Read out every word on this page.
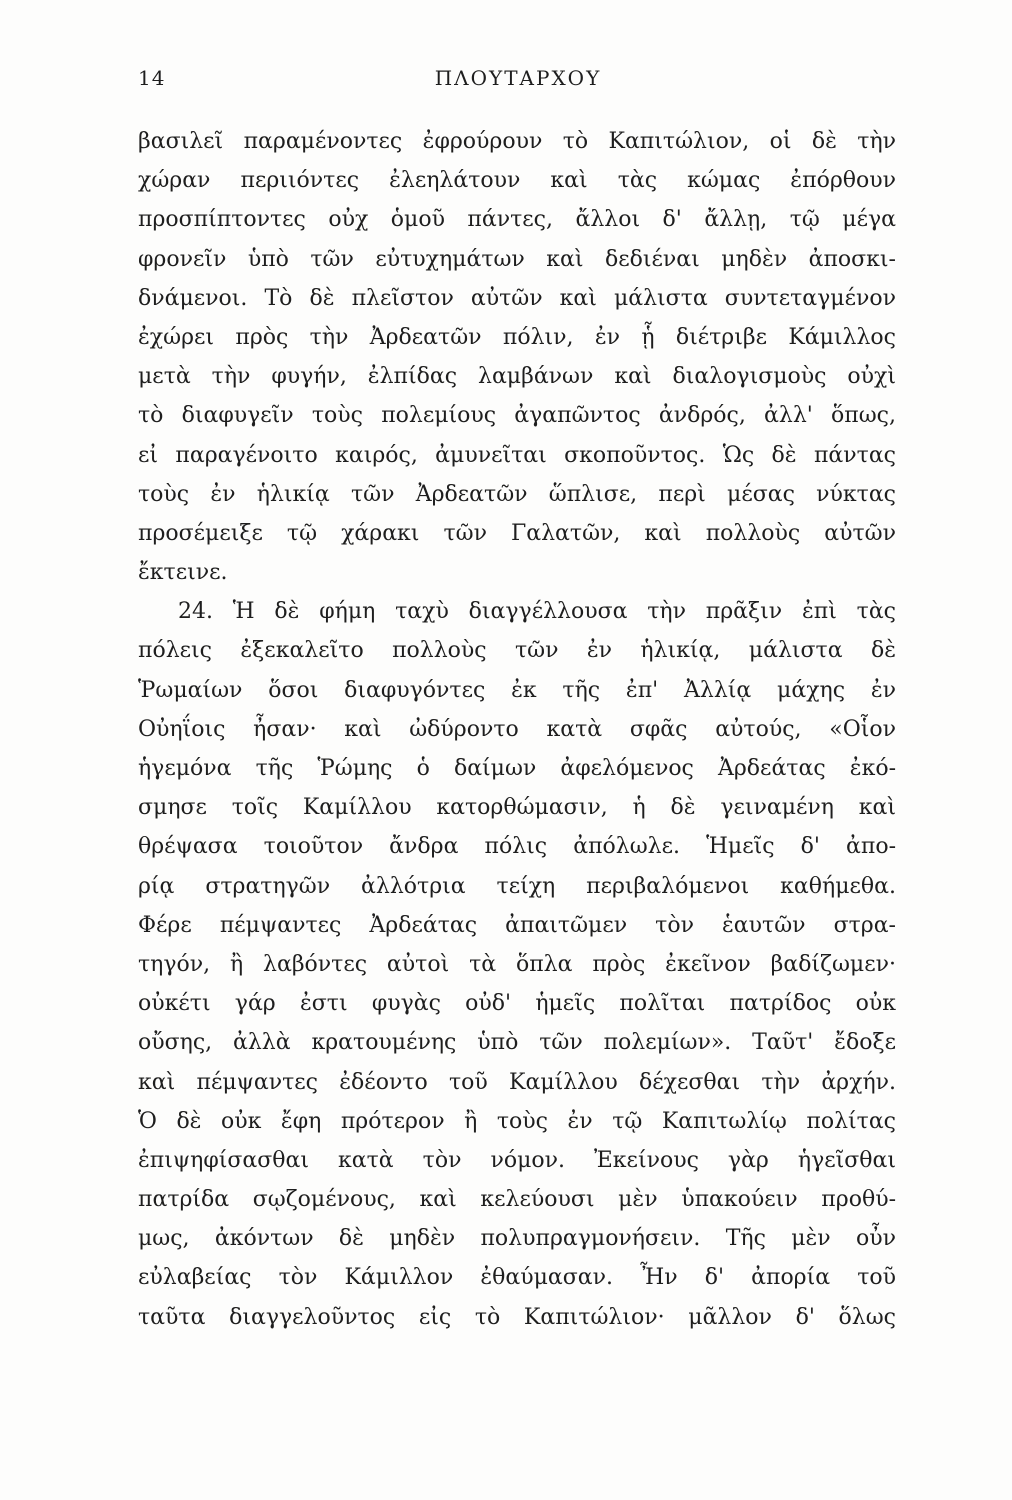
14	ΠΛΟΥΤΑΡΧΟΥ
βασιλεῖ παραμένοντες ἐφρούρουν τὸ Καπιτώλιον, οἱ δὲ τὴν
χώραν περιιόντες ἐλεηλάτουν καὶ τὰς κώμας ἐπόρθουν
προσπίπτοντες οὐχ ὁμοῦ πάντες, ἄλλοι δ' ἄλλῃ, τῷ μέγα
φρονεῖν ὑπὸ τῶν εὐτυχημάτων καὶ δεδιέναι μηδὲν ἀποσκι-
δνάμενοι. Τὸ δὲ πλεῖστον αὐτῶν καὶ μάλιστα συντεταγμένον
ἐχώρει πρὸς τὴν Ἀρδεατῶν πόλιν, ἐν ᾗ διέτριβε Κάμιλλος
μετὰ τὴν φυγήν, ἐλπίδας λαμβάνων καὶ διαλογισμοὺς οὐχὶ
τὸ διαφυγεῖν τοὺς πολεμίους ἀγαπῶντος ἀνδρός, ἀλλ' ὅπως,
εἰ παραγένοιτο καιρός, ἀμυνεῖται σκοποῦντος. Ὡς δὲ πάντας
τοὺς ἐν ἡλικίᾳ τῶν Ἀρδεατῶν ὥπλισε, περὶ μέσας νύκτας
προσέμειξε τῷ χάρακι τῶν Γαλατῶν, καὶ πολλοὺς αὐτῶν
ἔκτεινε.
24. Ἡ δὲ φήμη ταχὺ διαγγέλλουσα τὴν πρᾶξιν ἐπὶ τὰς
πόλεις ἐξεκαλεῖτο πολλοὺς τῶν ἐν ἡλικίᾳ, μάλιστα δὲ
Ῥωμαίων ὅσοι διαφυγόντες ἐκ τῆς ἐπ' Ἀλλίᾳ μάχης ἐν
Οὐηΐοις ἦσαν· καὶ ὠδύροντο κατὰ σφᾶς αὐτούς, «Οἷον
ἡγεμόνα τῆς Ῥώμης ὁ δαίμων ἀφελόμενος Ἀρδεάτας ἐκό-
σμησε τοῖς Καμίλλου κατορθώμασιν, ἡ δὲ γειναμένη καὶ
θρέψασα τοιοῦτον ἄνδρα πόλις ἀπόλωλε. Ἡμεῖς δ' ἀπο-
ρίᾳ στρατηγῶν ἀλλότρια τείχη περιβαλόμενοι καθήμεθα.
Φέρε πέμψαντες Ἀρδεάτας ἀπαιτῶμεν τὸν ἑαυτῶν στρα-
τηγόν, ἢ λαβόντες αὐτοὶ τὰ ὅπλα πρὸς ἐκεῖνον βαδίζωμεν·
οὐκέτι γάρ ἐστι φυγὰς οὐδ' ἡμεῖς πολῖται πατρίδος οὐκ
οὔσης, ἀλλὰ κρατουμένης ὑπὸ τῶν πολεμίων». Ταῦτ' ἔδοξε
καὶ πέμψαντες ἐδέοντο τοῦ Καμίλλου δέχεσθαι τὴν ἀρχήν.
Ὁ δὲ οὐκ ἔφη πρότερον ἢ τοὺς ἐν τῷ Καπιτωλίῳ πολίτας
ἐπιψηφίσασθαι κατὰ τὸν νόμον. Ἐκείνους γὰρ ἡγεῖσθαι
πατρίδα σῳζομένους, καὶ κελεύουσι μὲν ὑπακούειν προθύ-
μως, ἀκόντων δὲ μηδὲν πολυπραγμονήσειν. Τῆς μὲν οὖν
εὐλαβείας τὸν Κάμιλλον ἐθαύμασαν. Ἦν δ' ἀπορία τοῦ
ταῦτα διαγγελοῦντος εἰς τὸ Καπιτώλιον· μᾶλλον δ' ὅλως
